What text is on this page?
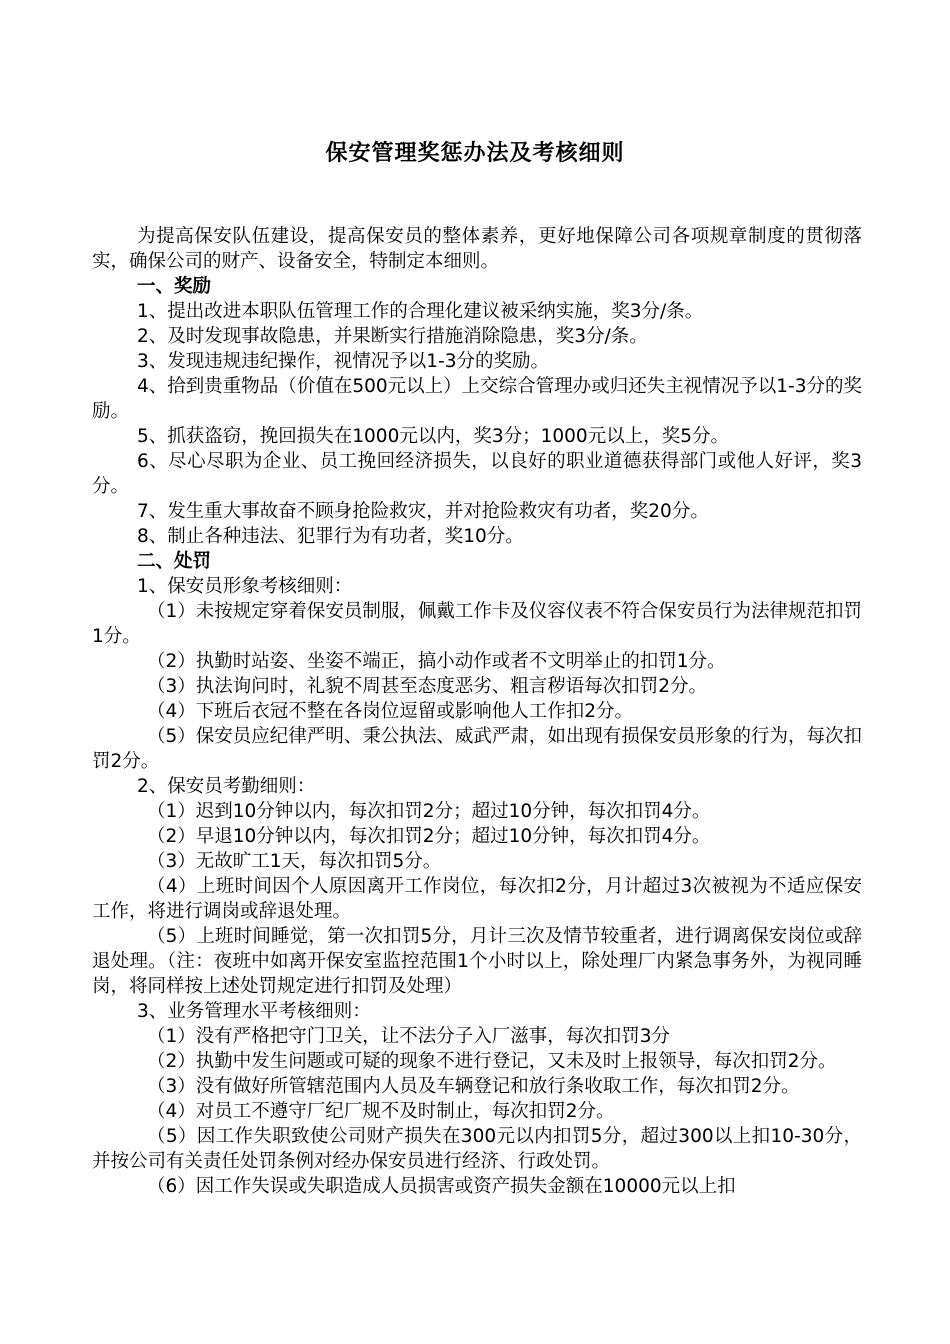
保安管理奖惩办法及考核细则

为提高保安队伍建设，提高保安员的整体素养，更好地保障公司各项规章制度的贯彻落实，确保公司的财产、设备安全，特制定本细则。

一、奖励

1、提出改进本职队伍管理工作的合理化建议被采纳实施，奖3分/条。

2、及时发现事故隐患，并果断实行措施消除隐患，奖3分/条。

3、发现违规违纪操作，视情况予以1-3分的奖励。

4、拾到贵重物品（价值在500元以上）上交综合管理办或归还失主视情况予以1-3分的奖励。

5、抓获盗窃，挽回损失在1000元以内，奖3分；1000元以上，奖5分。

6、尽心尽职为企业、员工挽回经济损失，以良好的职业道德获得部门或他人好评，奖3分。

7、发生重大事故奋不顾身抢险救灾，并对抢险救灾有功者，奖20分。

8、制止各种违法、犯罪行为有功者，奖10分。

二、处罚

1、保安员形象考核细则：

（1）未按规定穿着保安员制服，佩戴工作卡及仪容仪表不符合保安员行为法律规范扣罚1分。

（2）执勤时站姿、坐姿不端正，搞小动作或者不文明举止的扣罚1分。

（3）执法询问时，礼貌不周甚至态度恶劣、粗言秽语每次扣罚2分。

（4）下班后衣冠不整在各岗位逗留或影响他人工作扣2分。

（5）保安员应纪律严明、秉公执法、威武严肃，如出现有损保安员形象的行为，每次扣罚2分。

2、保安员考勤细则：

（1）迟到10分钟以内，每次扣罚2分；超过10分钟，每次扣罚4分。

（2）早退10分钟以内，每次扣罚2分；超过10分钟，每次扣罚4分。

（3）无故旷工1天，每次扣罚5分。

（4）上班时间因个人原因离开工作岗位，每次扣2分，月计超过3次被视为不适应保安工作，将进行调岗或辞退处理。

（5）上班时间睡觉，第一次扣罚5分，月计三次及情节较重者，进行调离保安岗位或辞退处理。（注：夜班中如离开保安室监控范围1个小时以上，除处理厂内紧急事务外，为视同睡岗，将同样按上述处罚规定进行扣罚及处理）

3、业务管理水平考核细则：

（1）没有严格把守门卫关，让不法分子入厂滋事，每次扣罚3分

（2）执勤中发生问题或可疑的现象不进行登记，又未及时上报领导，每次扣罚2分。

（3）没有做好所管辖范围内人员及车辆登记和放行条收取工作，每次扣罚2分。

（4）对员工不遵守厂纪厂规不及时制止，每次扣罚2分。

（5）因工作失职致使公司财产损失在300元以内扣罚5分，超过300以上扣10-30分，并按公司有关责任处罚条例对经办保安员进行经济、行政处罚。

（6）因工作失误或失职造成人员损害或资产损失金额在10000元以上扣
